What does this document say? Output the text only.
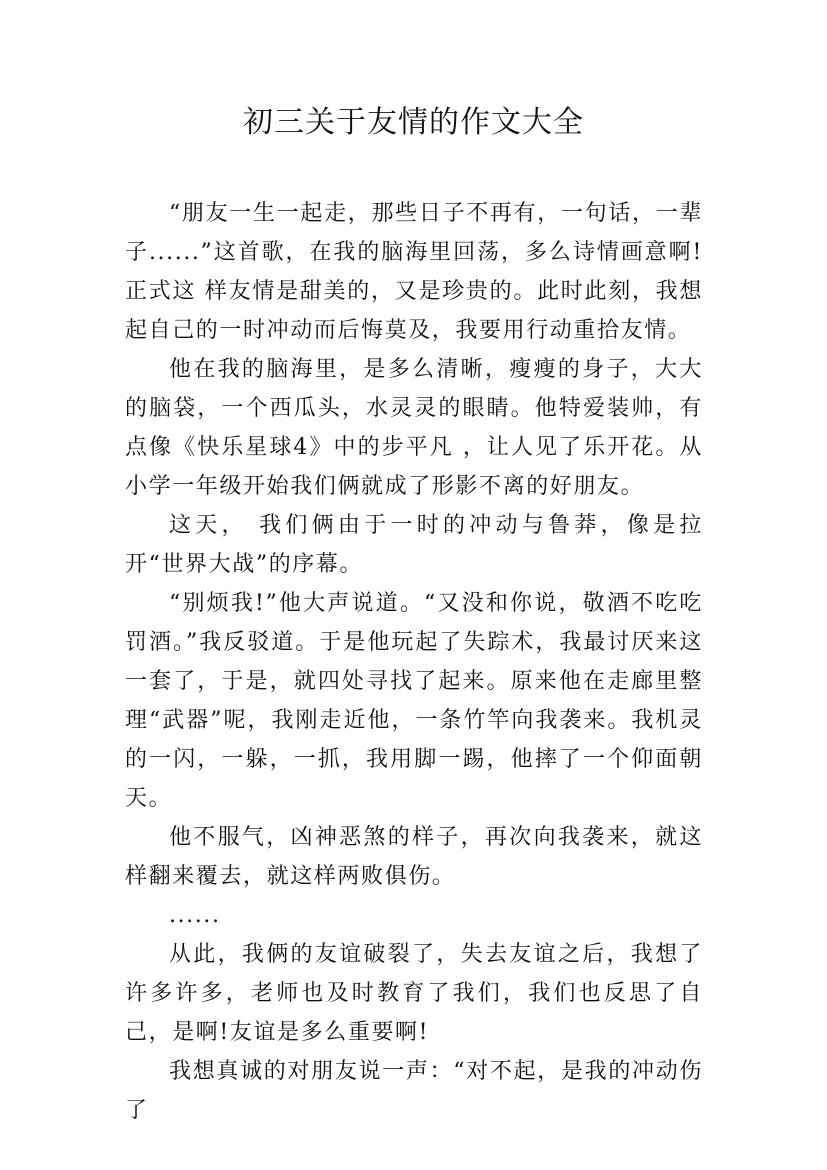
初三关于友情的作文大全

“朋友一生一起走，那些日子不再有，一句话，一辈子......”这首歌，在我的脑海里回荡，多么诗情画意啊!正式这 样友情是甜美的，又是珍贵的。此时此刻，我想起自己的一时冲动而后悔莫及，我要用行动重拾友情。

他在我的脑海里，是多么清晰，瘦瘦的身子，大大的脑袋，一个西瓜头，水灵灵的眼睛。他特爱装帅，有点像《快乐星球4》中的步平凡 ，让人见了乐开花。从小学一年级开始我们俩就成了形影不离的好朋友。

这天， 我们俩由于一时的冲动与鲁莽，像是拉开“世界大战”的序幕。

“别烦我!”他大声说道。“又没和你说，敬酒不吃吃罚酒。”我反驳道。于是他玩起了失踪术，我最讨厌来这一套了，于是，就四处寻找了起来。原来他在走廊里整理“武器”呢，我刚走近他，一条竹竿向我袭来。我机灵的一闪，一躲，一抓，我用脚一踢，他摔了一个仰面朝天。

他不服气，凶神恶煞的样子，再次向我袭来，就这样翻来覆去，就这样两败俱伤。

......

从此，我俩的友谊破裂了，失去友谊之后，我想了许多许多，老师也及时教育了我们，我们也反思了自己，是啊!友谊是多么重要啊!

我想真诚的对朋友说一声：“对不起，是我的冲动伤了
